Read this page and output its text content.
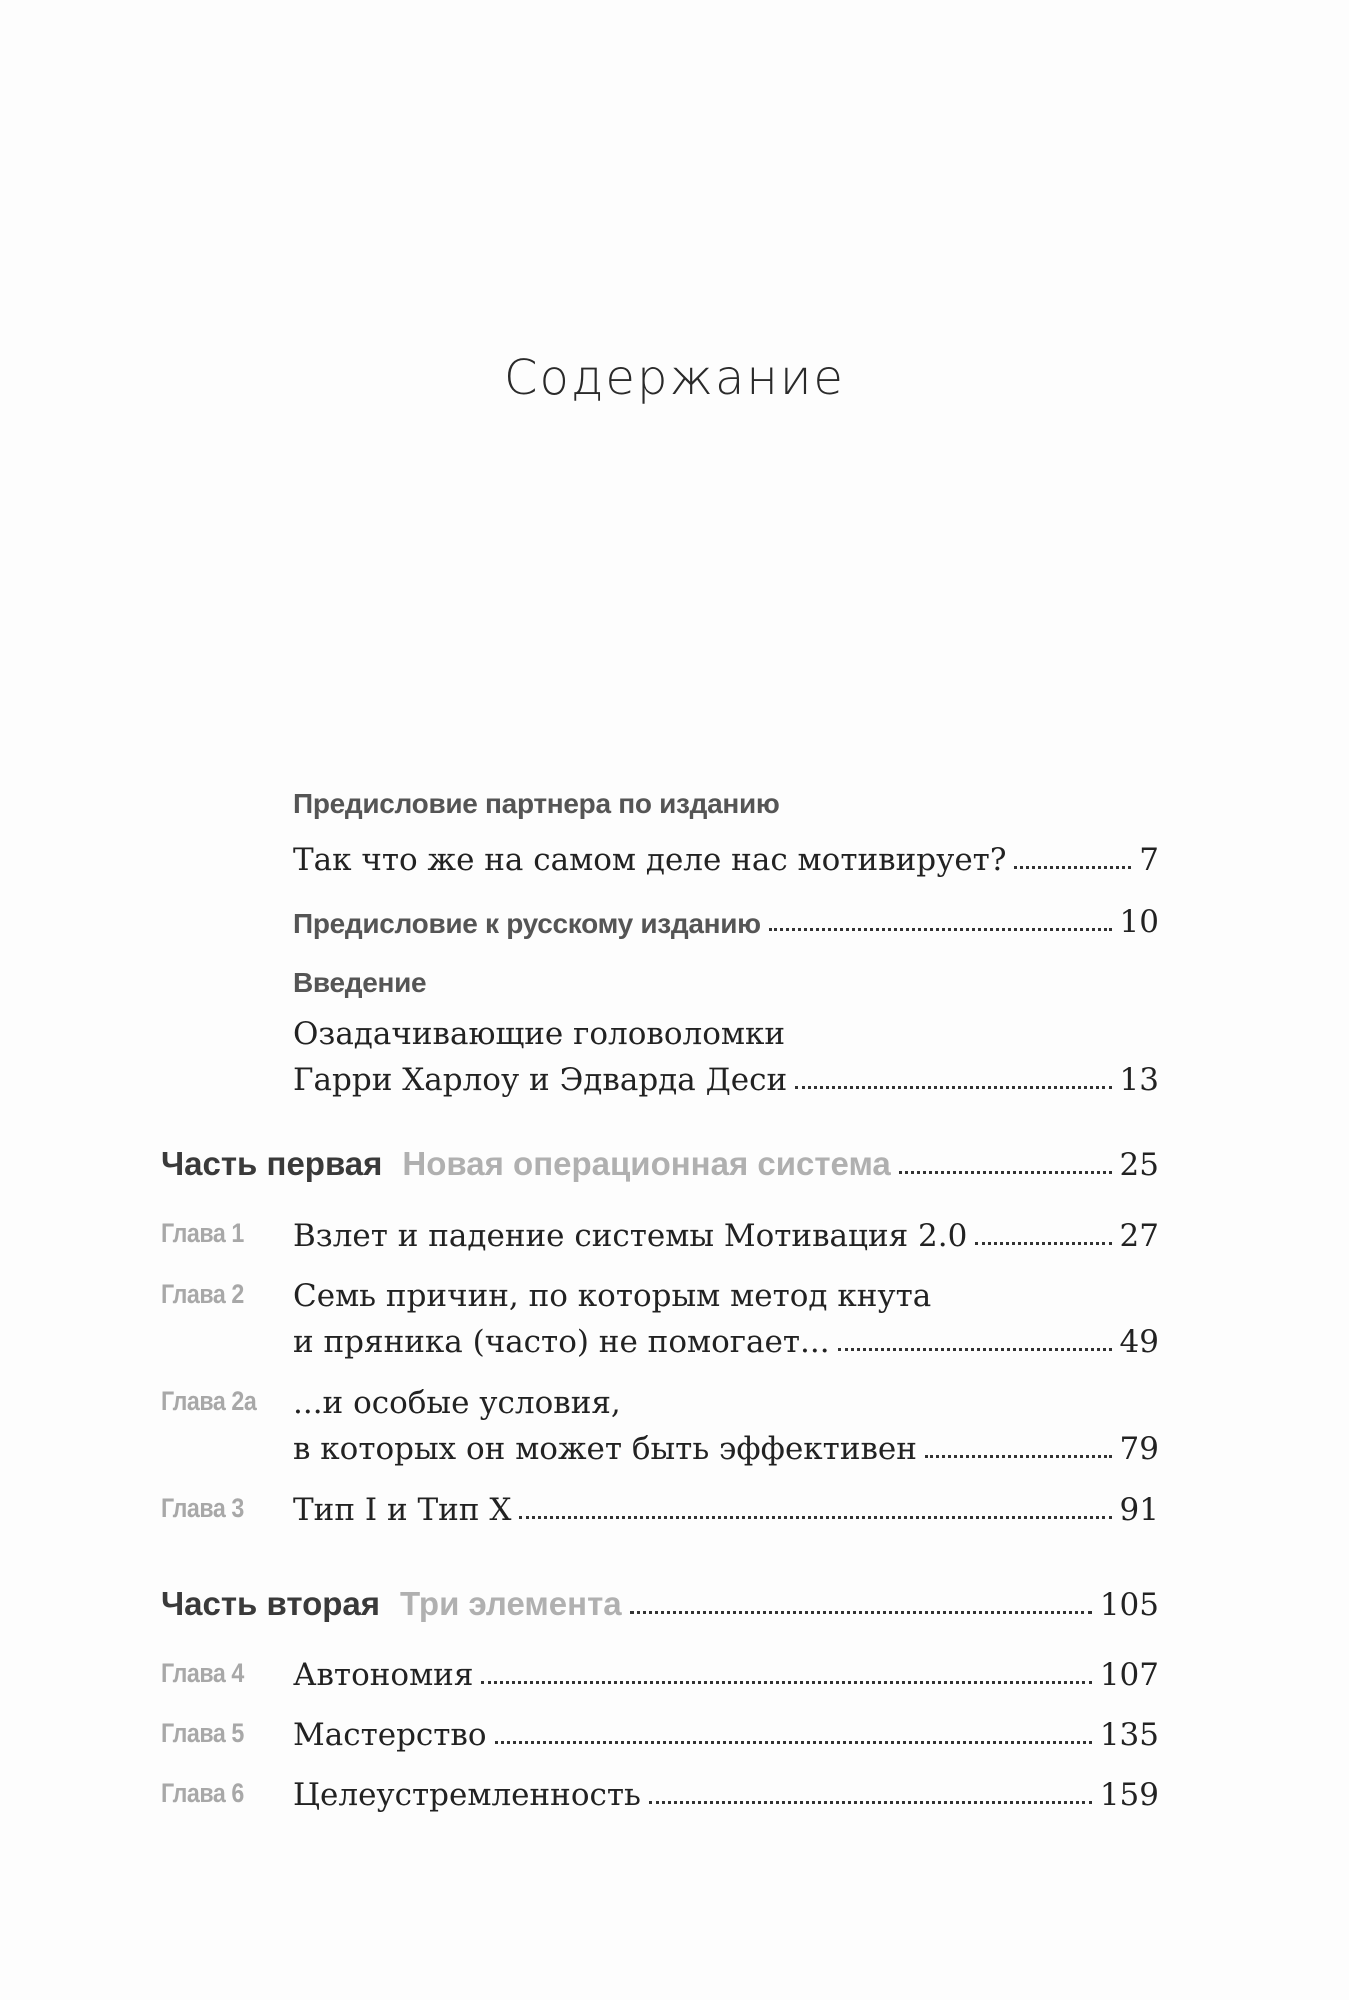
Содержание
Предисловие партнера по изданию
Так что же на самом деле нас мотивирует?	7
Предисловие к русскому изданию	10
Введение
Озадачивающие головоломки
Гарри Харлоу и Эдварда Деси	13
Часть первая Новая операционная система	25
Глава 1	Взлет и падение системы Мотивация 2.0	27
Глава 2	Семь причин, по которым метод кнута
и пряника (часто) не помогает...	49
Глава 2а	...и особые условия,
в которых он может быть эффективен	79
Глава 3	Тип I и Тип X	91
Часть вторая Три элемента	105
Глава 4	Автономия	107
Глава 5	Мастерство	135
Глава 6	Целеустремленность	159
